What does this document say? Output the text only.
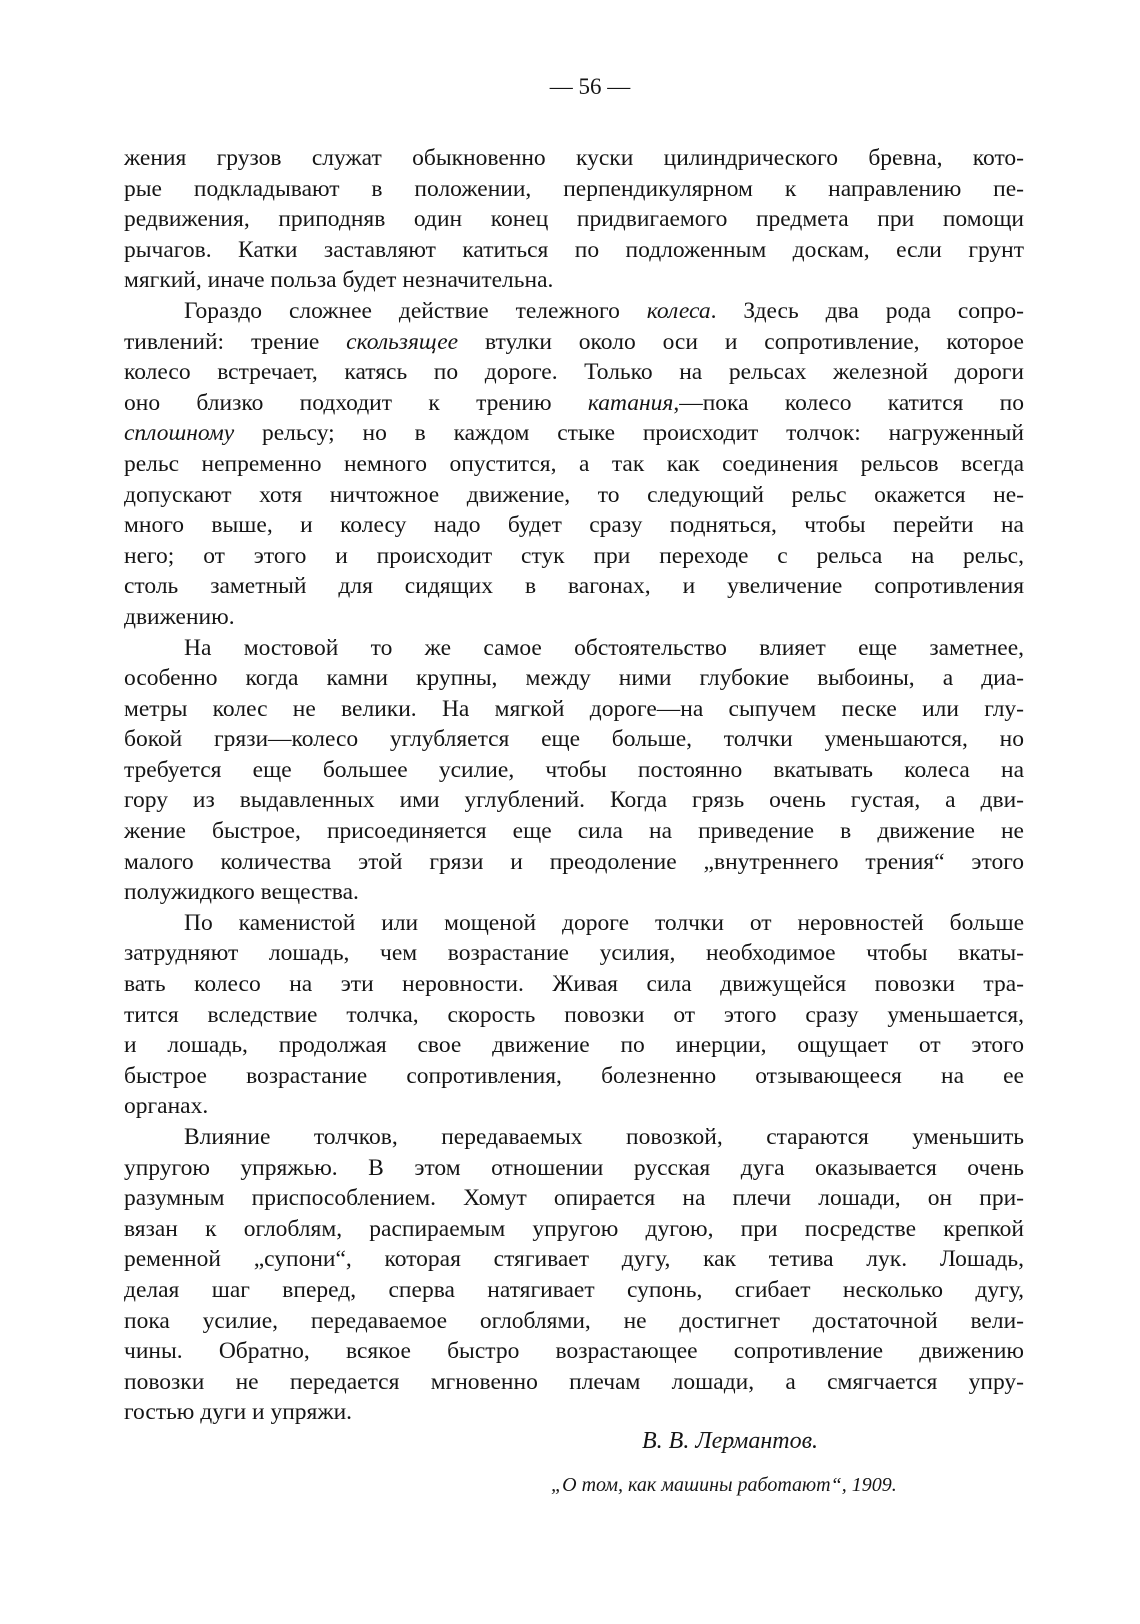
— 56 —
жения грузов служат обыкновенно куски цилиндрического бревна, кото-
рые подкладывают в положении, перпендикулярном к направлению пе-
редвижения, приподняв один конец придвигаемого предмета при помощи
рычагов. Катки заставляют катиться по подложенным доскам, если грунт
мягкий, иначе польза будет незначительна.
Гораздо сложнее действие тележного колеса. Здесь два рода сопро-
тивлений: трение скользящее втулки около оси и сопротивление, которое
колесо встречает, катясь по дороге. Только на рельсах железной дороги
оно близко подходит к трению катания,—пока колесо катится по
сплошному рельсу; но в каждом стыке происходит толчок: нагруженный
рельс непременно немного опустится, а так как соединения рельсов всегда
допускают хотя ничтожное движение, то следующий рельс окажется не-
много выше, и колесу надо будет сразу подняться, чтобы перейти на
него; от этого и происходит стук при переходе с рельса на рельс,
столь заметный для сидящих в вагонах, и увеличение сопротивления
движению.
На мостовой то же самое обстоятельство влияет еще заметнее,
особенно когда камни крупны, между ними глубокие выбоины, а диа-
метры колес не велики. На мягкой дороге—на сыпучем песке или глу-
бокой грязи—колесо углубляется еще больше, толчки уменьшаются, но
требуется еще большее усилие, чтобы постоянно вкатывать колеса на
гору из выдавленных ими углублений. Когда грязь очень густая, а дви-
жение быстрое, присоединяется еще сила на приведение в движение не
малого количества этой грязи и преодоление „внутреннего трения“ этого
полужидкого вещества.
По каменистой или мощеной дороге толчки от неровностей больше
затрудняют лошадь, чем возрастание усилия, необходимое чтобы вкаты-
вать колесо на эти неровности. Живая сила движущейся повозки тра-
тится вследствие толчка, скорость повозки от этого сразу уменьшается,
и лошадь, продолжая свое движение по инерции, ощущает от этого
быстрое возрастание сопротивления, болезненно отзывающееся на ее
органах.
Влияние толчков, передаваемых повозкой, стараются уменьшить
упругою упряжью. В этом отношении русская дуга оказывается очень
разумным приспособлением. Хомут опирается на плечи лошади, он при-
вязан к оглоблям, распираемым упругою дугою, при посредстве крепкой
ременной „супони“, которая стягивает дугу, как тетива лук. Лошадь,
делая шаг вперед, сперва натягивает супонь, сгибает несколько дугу,
пока усилие, передаваемое оглоблями, не достигнет достаточной вели-
чины. Обратно, всякое быстро возрастающее сопротивление движению
повозки не передается мгновенно плечам лошади, а смягчается упру-
гостью дуги и упряжи.
В. В. Лермантов.
„О том, как машины работают“, 1909.
